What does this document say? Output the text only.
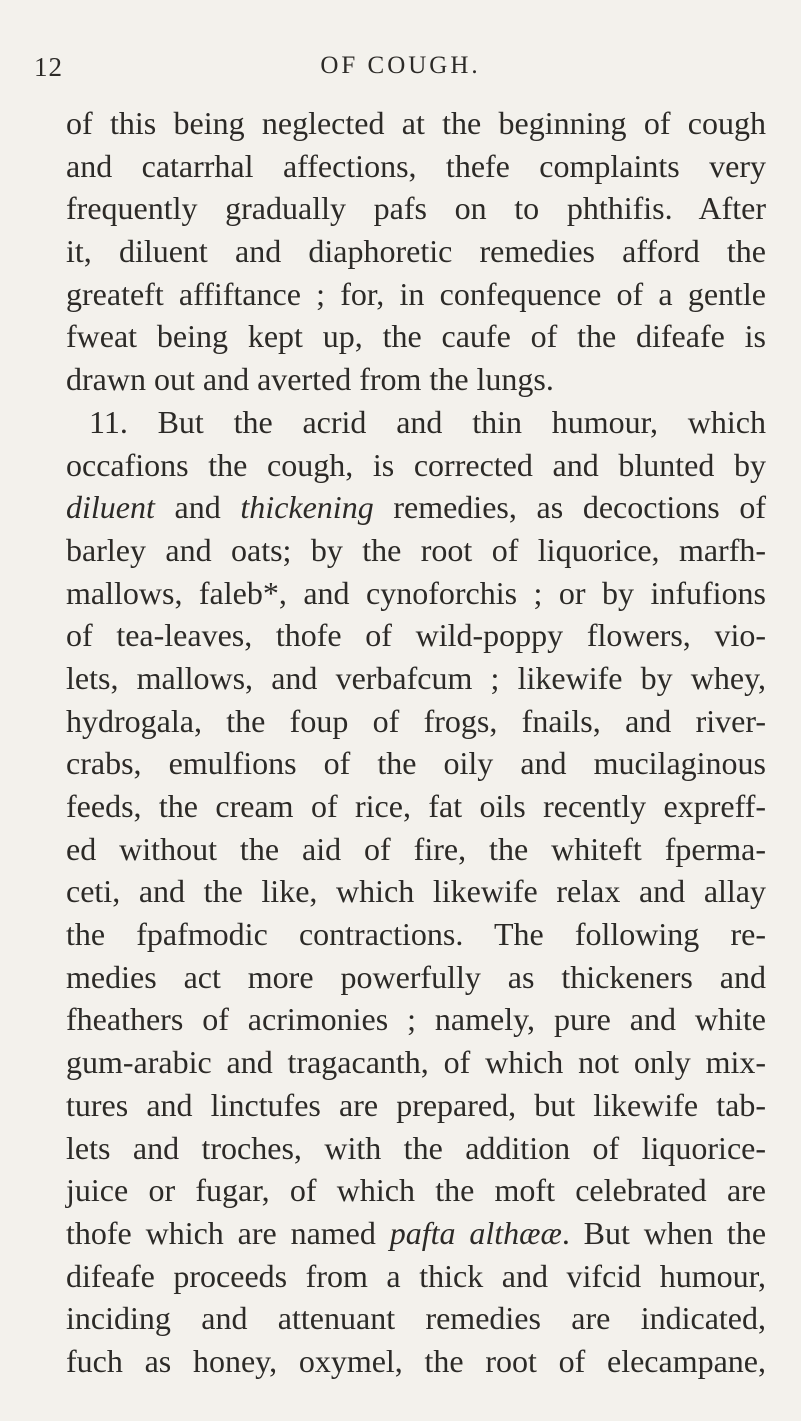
12	OF COUGH.
of this being neglected at the beginning of cough
and catarrhal affections, thefe complaints very
frequently gradually pafs on to phthifis. After
it, diluent and diaphoretic remedies afford the
greateft affiftance ; for, in confequence of a gentle
fweat being kept up, the caufe of the difeafe is
drawn out and averted from the lungs.
11. But the acrid and thin humour, which
occafions the cough, is corrected and blunted by
diluent and thickening remedies, as decoctions of
barley and oats; by the root of liquorice, marfh-
mallows, faleb*, and cynoforchis ; or by infufions
of tea-leaves, thofe of wild-poppy flowers, vio-
lets, mallows, and verbafcum ; likewife by whey,
hydrogala, the foup of frogs, fnails, and river-
crabs, emulfions of the oily and mucilaginous
feeds, the cream of rice, fat oils recently expreff-
ed without the aid of fire, the whiteft fperma-
ceti, and the like, which likewife relax and allay
the fpafmodic contractions. The following re-
medies act more powerfully as thickeners and
fheathers of acrimonies ; namely, pure and white
gum-arabic and tragacanth, of which not only mix-
tures and linctufes are prepared, but likewife tab-
lets and troches, with the addition of liquorice-
juice or fugar, of which the moft celebrated are
thofe which are named pafta althææ. But when the
difeafe proceeds from a thick and vifcid humour,
inciding and attenuant remedies are indicated,
fuch as honey, oxymel, the root of elecampane,
